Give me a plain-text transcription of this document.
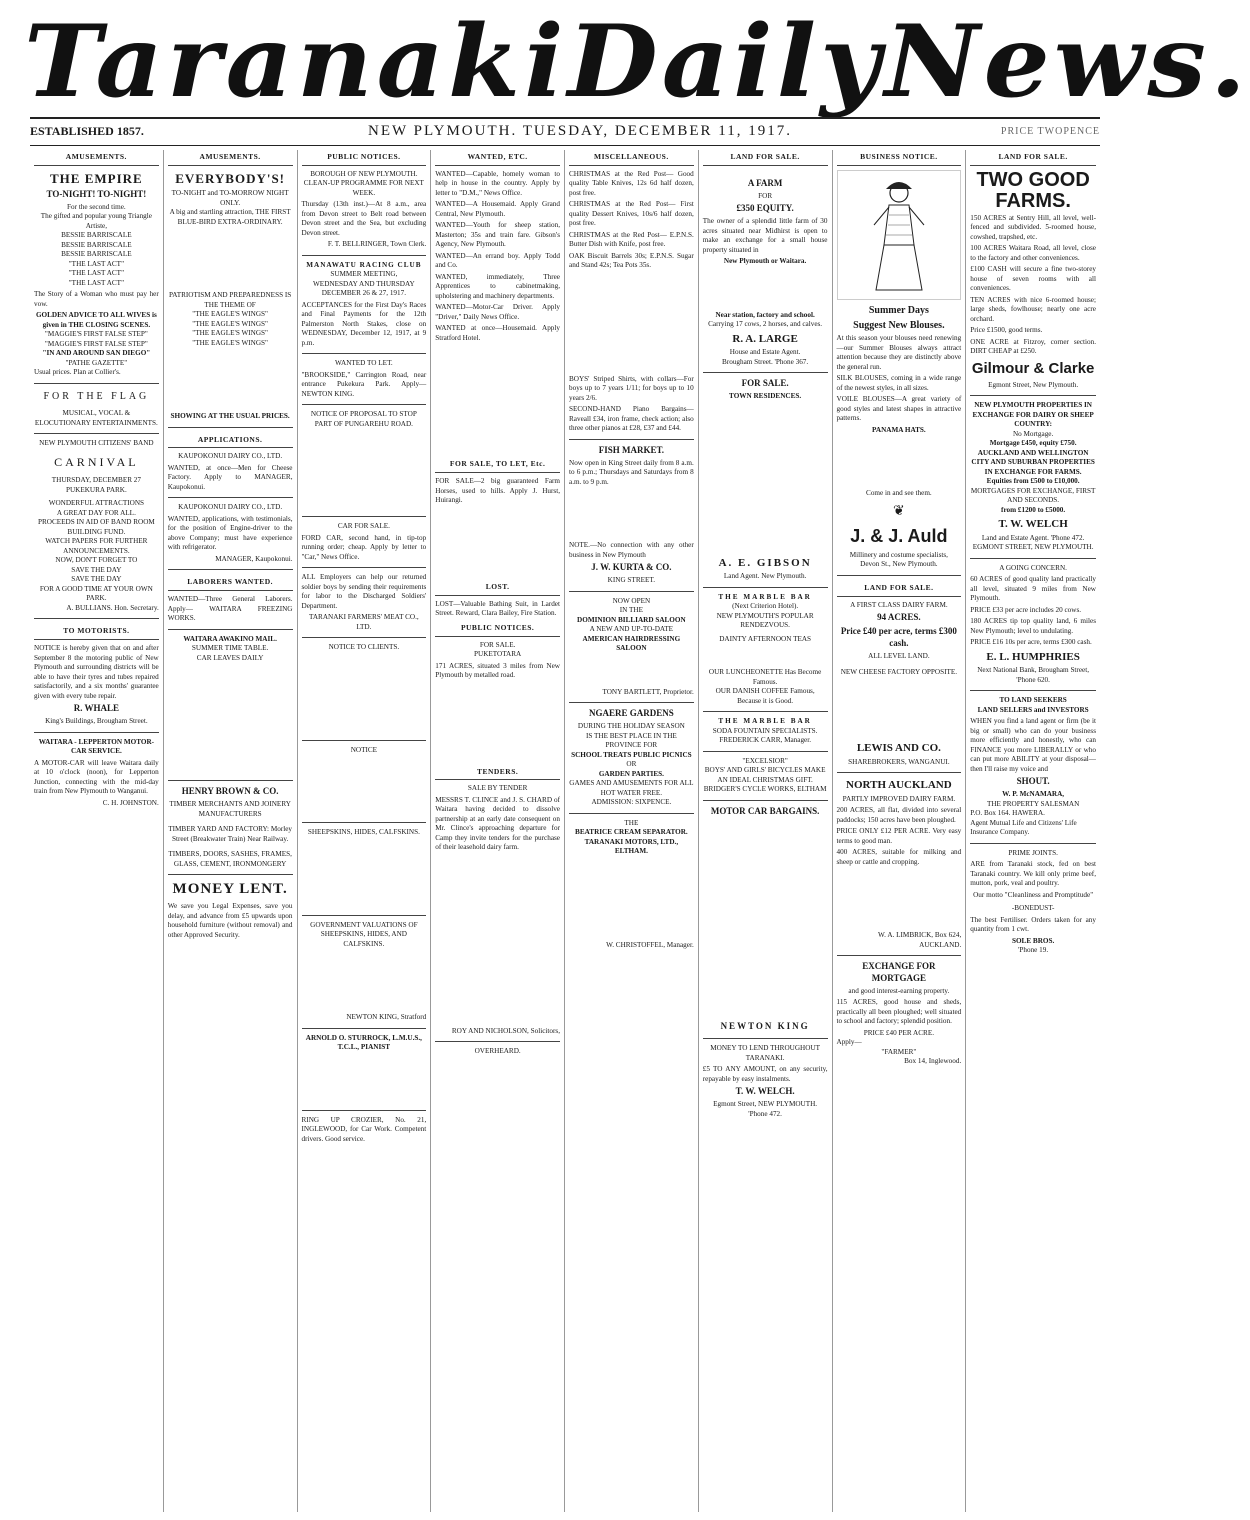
Taranaki Daily News.
ESTABLISHED 1857.	NEW PLYMOUTH. TUESDAY, DECEMBER 11, 1917.	PRICE TWOPENCE
AMUSEMENTS.
THE EMPIRE
TO-NIGHT! TO-NIGHT!
For the second time.
The gifted and popular young Triangle Artiste,
BESSIE BARRISCALE
BESSIE BARRISCALE
BESSIE BARRISCALE
"THE LAST ACT"
"THE LAST ACT"
"THE LAST ACT"

The Story of a Woman who must pay her vow.

GOLDEN ADVICE TO ALL WIVES is given in THE CLOSING SCENES.
"MAGGIE'S FIRST FALSE STEP"
"MAGGIE'S FIRST FALSE STEP"
"IN AND AROUND SAN DIEGO"
"PATHE GAZETTE"
Usual prices. Plan at Collier's.
FOR THE FLAG
MUSICAL, VOCAL & ELOCUTIONARY ENTERTAINMENTS.
NEW PLYMOUTH CITIZENS' BAND
CARNIVAL
THURSDAY, DECEMBER 27
PUKEKURA PARK.
WONDERFUL ATTRACTIONS
A GREAT DAY FOR ALL.
PROCEEDS IN AID OF BAND ROOM BUILDING FUND.
WATCH PAPERS FOR FURTHER ANNOUNCEMENTS.
NOW, DON'T FORGET TO
SAVE THE DAY
SAVE THE DAY
FOR A GOOD TIME AT YOUR OWN PARK.
A. BULLIANS. Hon. Secretary.
TO MOTORISTS.

NOTICE is hereby given that on and after September 8 the motoring public of New Plymouth and surrounding districts will be able to have their tyres and tubes repaired satisfactorily, and a six months' guarantee given with every tube repair.

R. WHALE
King's Buildings, Brougham Street.
WAITARA - LEPPERTON MOTOR-CAR SERVICE.

A MOTOR-CAR will leave Waitara daily at 10 o'clock (noon), for Lepperton Junction, connecting with the mid-day train from New Plymouth to Wanganui.

C. H. JOHNSTON.
AMUSEMENTS.
EVERYBODY'S!
TO-NIGHT and TO-MORROW NIGHT ONLY.
A big and startling attraction, THE FIRST BLUE-BIRD EXTRA-ORDINARY.

PATRIOTISM AND PREPAREDNESS IS THE THEME OF
"THE EAGLE'S WINGS"
"THE EAGLE'S WINGS"
"THE EAGLE'S WINGS"
"THE EAGLE'S WINGS"

SHOWING AT THE USUAL PRICES.
APPLICATIONS.
KAUPOKONUI DAIRY CO., LTD.

WANTED, at once—Men for Cheese Factory. Apply to MANAGER, Kaupokonui.

KAUPOKONUI DAIRY CO., LTD.

WANTED, applications, with testimonials, for the position of Engine-driver to the above Company; must have experience with refrigerator.

MANAGER, Kaupokonui.
LABORERS WANTED.

WANTED—Three General Laborers. Apply— WAITARA FREEZING WORKS.

WAITARA AWAKINO MAIL.
SUMMER TIME TABLE.
CAR LEAVES DAILY

HENRY BROWN & CO.
TIMBER MERCHANTS AND JOINERY MANUFACTURERS
TIMBER YARD AND FACTORY: Morley Street (Breakwater Train) Near Railway.
TIMBERS, DOORS, SASHES, FRAMES, GLASS, CEMENT, IRONMONGERY
MONEY LENT.

We save you Legal Expenses, save you delay, and advance from £5 upwards upon household furniture (without removal) and other Approved Security.

PUBLIC NOTICES.
BOROUGH OF NEW PLYMOUTH.
CLEAN-UP PROGRAMME FOR NEXT WEEK.

Thursday (13th inst.)—At 8 a.m., area from Devon street to Belt road between Devon street and the Sea, but excluding Devon street.

F. T. BELLRINGER, Town Clerk.
MANAWATU RACING CLUB
SUMMER MEETING,
WEDNESDAY AND THURSDAY DECEMBER 26 & 27, 1917.

ACCEPTANCES for the First Day's Races and Final Payments for the 12th Palmerston North Stakes, close on WEDNESDAY, December 12, 1917, at 9 p.m.

WANTED TO LET.

"BROOKSIDE," Carrington Road, near entrance Pukekura Park. Apply—NEWTON KING.

NOTICE OF PROPOSAL TO STOP PART OF PUNGAREHU ROAD.

CAR FOR SALE.

FORD CAR, second hand, in tip-top running order; cheap. Apply by letter to "Car," News Office.

ALL Employers can help our returned soldier boys by sending their requirements for labor to the Discharged Soldiers' Department.

TARANAKI FARMERS' MEAT CO., LTD.
NOTICE TO CLIENTS.

NOTICE

SHEEPSKINS, HIDES, CALFSKINS.

GOVERNMENT VALUATIONS OF SHEEPSKINS, HIDES, AND CALFSKINS.

NEWTON KING, Stratford
ARNOLD O. STURROCK, L.M.U.S., T.C.L., PIANIST

RING UP CROZIER, No. 21, INGLEWOOD, for Car Work. Competent drivers. Good service.

WANTED, ETC.

WANTED—Capable, homely woman to help in house in the country. Apply by letter to "D.M.," News Office.

WANTED—A Housemaid. Apply Grand Central, New Plymouth.

WANTED—Youth for sheep station, Masterton; 35s and train fare. Gibson's Agency, New Plymouth.

WANTED—An errand boy. Apply Todd and Co.

WANTED, immediately, Three Apprentices to cabinetmaking, upholstering and machinery departments.

WANTED—Motor-Car Driver. Apply "Driver," Daily News Office.

WANTED at once—Housemaid. Apply Stratford Hotel.

FOR SALE, TO LET, Etc.

FOR SALE—2 big guaranteed Farm Horses, used to hills. Apply J. Hurst, Huirangi.

LOST.

LOST—Valuable Bathing Suit, in Lardet Street. Reward, Clara Bailey, Fire Station.

PUBLIC NOTICES.
FOR SALE.
PUKETOTARA

171 ACRES, situated 3 miles from New Plymouth by metalled road.

TENDERS.
SALE BY TENDER

MESSRS T. CLINCE and J. S. CHARD of Waitara having decided to dissolve partnership at an early date consequent on Mr. Clince's approaching departure for Camp they invite tenders for the purchase of their leasehold dairy farm.

ROY AND NICHOLSON, Solicitors,
OVERHEARD.
MISCELLANEOUS.

CHRISTMAS at the Red Post— Good quality Table Knives, 12s 6d half dozen, post free.

CHRISTMAS at the Red Post— First quality Dessert Knives, 10s/6 half dozen, post free.

CHRISTMAS at the Red Post— E.P.N.S. Butter Dish with Knife, post free.

OAK Biscuit Barrels 30s; E.P.N.S. Sugar and Stand 42s; Tea Pots 35s.

BOYS' Striped Shirts, with collars—For boys up to 7 years 1/11; for boys up to 10 years 2/6.

SECOND-HAND Piano Bargains—Raveall £34, iron frame, check action; also three other pianos at £28, £37 and £44.

FISH MARKET.

Now open in King Street daily from 8 a.m. to 6 p.m.; Thursdays and Saturdays from 8 a.m. to 9 p.m.

NOTE.—No connection with any other business in New Plymouth

J. W. KURTA & CO.
KING STREET.
NOW OPEN
IN THE
DOMINION BILLIARD SALOON
A NEW AND UP-TO-DATE
AMERICAN HAIRDRESSING SALOON

TONY BARTLETT, Proprietor.
NGAERE GARDENS
DURING THE HOLIDAY SEASON
IS THE BEST PLACE IN THE PROVINCE FOR
SCHOOL TREATS PUBLIC PICNICS
OR
GARDEN PARTIES.
GAMES AND AMUSEMENTS FOR ALL HOT WATER FREE.
ADMISSION: SIXPENCE.
THE
BEATRICE CREAM SEPARATOR.
TARANAKI MOTORS, LTD., ELTHAM.

W. CHRISTOFFEL, Manager.
LAND FOR SALE.
A FARM
FOR
£350 EQUITY.

The owner of a splendid little farm of 30 acres situated near Midhirst is open to make an exchange for a small house property situated in

New Plymouth or Waitara.

Near station, factory and school.
Carrying 17 cows, 2 horses, and calves.
R. A. LARGE
House and Estate Agent.
Brougham Street. 'Phone 367.
FOR SALE.
TOWN RESIDENCES.

A. E. GIBSON
Land Agent. New Plymouth.
THE MARBLE BAR
(Next Criterion Hotel).
NEW PLYMOUTH'S POPULAR RENDEZVOUS.
DAINTY AFTERNOON TEAS

OUR LUNCHEONETTE Has Become Famous.
OUR DANISH COFFEE Famous, Because it is Good.
THE MARBLE BAR
SODA FOUNTAIN SPECIALISTS.
FREDERICK CARR, Manager.
"EXCELSIOR"
BOYS' AND GIRLS' BICYCLES MAKE AN IDEAL CHRISTMAS GIFT.
BRIDGER'S CYCLE WORKS, ELTHAM
MOTOR CAR BARGAINS.

NEWTON KING
MONEY TO LEND THROUGHOUT TARANAKI.

£5 TO ANY AMOUNT, on any security, repayable by easy instalments.

T. W. WELCH.
Egmont Street, NEW PLYMOUTH.
'Phone 472.
BUSINESS NOTICE.
Summer Days
Suggest New Blouses.

At this season your blouses need renewing—our Summer Blouses always attract attention because they are distinctly above the general run.

SILK BLOUSES, coming in a wide range of the newest styles, in all sizes.

VOILE BLOUSES—A great variety of good styles and latest shapes in attractive patterns.

PANAMA HATS.

Come in and see them.
❦
J. & J. Auld
Millinery and costume specialists,
Devon St., New Plymouth.
LAND FOR SALE.
A FIRST CLASS DAIRY FARM.
94 ACRES.
Price £40 per acre, terms £300 cash.
ALL LEVEL LAND.
NEW CHEESE FACTORY OPPOSITE.

LEWIS AND CO.
SHAREBROKERS, WANGANUI.
NORTH AUCKLAND
PARTLY IMPROVED DAIRY FARM.

200 ACRES, all flat, divided into several paddocks; 150 acres have been ploughed.

PRICE ONLY £12 PER ACRE. Very easy terms to good man.

400 ACRES, suitable for milking and sheep or cattle and cropping.

W. A. LIMBRICK, Box 624, AUCKLAND.
EXCHANGE FOR MORTGAGE
and good interest-earning property.

115 ACRES, good house and sheds, practically all been ploughed; well situated to school and factory; splendid position.

PRICE £40 PER ACRE.
Apply—
"FARMER"
Box 14, Inglewood.
LAND FOR SALE.
TWO GOOD FARMS.

150 ACRES at Sentry Hill, all level, well-fenced and subdivided. 5-roomed house, cowshed, trapshed, etc.

100 ACRES Waitara Road, all level, close to the factory and other conveniences.

£100 CASH will secure a fine two-storey house of seven rooms with all conveniences.

TEN ACRES with nice 6-roomed house; large sheds, fowlhouse; nearly one acre orchard.

Price £1500, good terms.

ONE ACRE at Fitzroy, corner section. DIRT CHEAP at £250.

Gilmour & Clarke
Egmont Street, New Plymouth.
NEW PLYMOUTH PROPERTIES IN EXCHANGE FOR DAIRY OR SHEEP COUNTRY:
No Mortgage.
Mortgage £450, equity £750.
AUCKLAND AND WELLINGTON CITY AND SUBURBAN PROPERTIES IN EXCHANGE FOR FARMS.
Equities from £500 to £10,000.
MORTGAGES FOR EXCHANGE, FIRST AND SECONDS.
from £1200 to £5000.
T. W. WELCH
Land and Estate Agent. 'Phone 472.
EGMONT STREET, NEW PLYMOUTH.
A GOING CONCERN.

60 ACRES of good quality land practically all level, situated 9 miles from New Plymouth.

PRICE £33 per acre includes 20 cows.

180 ACRES tip top quality land, 6 miles New Plymouth; level to undulating.

PRICE £16 10s per acre, terms £300 cash.

E. L. HUMPHRIES
Next National Bank, Brougham Street, 'Phone 620.
TO LAND SEEKERS
LAND SELLERS and INVESTORS

WHEN you find a land agent or firm (be it big or small) who can do your business more efficiently and honestly, who can FINANCE you more LIBERALLY or who can put more ABILITY at your disposal—then I'll raise my voice and

SHOUT.
W. P. McNAMARA,
THE PROPERTY SALESMAN
P.O. Box 164. HAWERA.
Agent Mutual Life and Citizens' Life Insurance Company.
PRIME JOINTS.

ARE from Taranaki stock, fed on best Taranaki country. We kill only prime beef, mutton, pork, veal and poultry.

Our motto "Cleanliness and Promptitude"
-BONEDUST-

The best Fertiliser. Orders taken for any quantity from 1 cwt.

SOLE BROS.
'Phone 19.
